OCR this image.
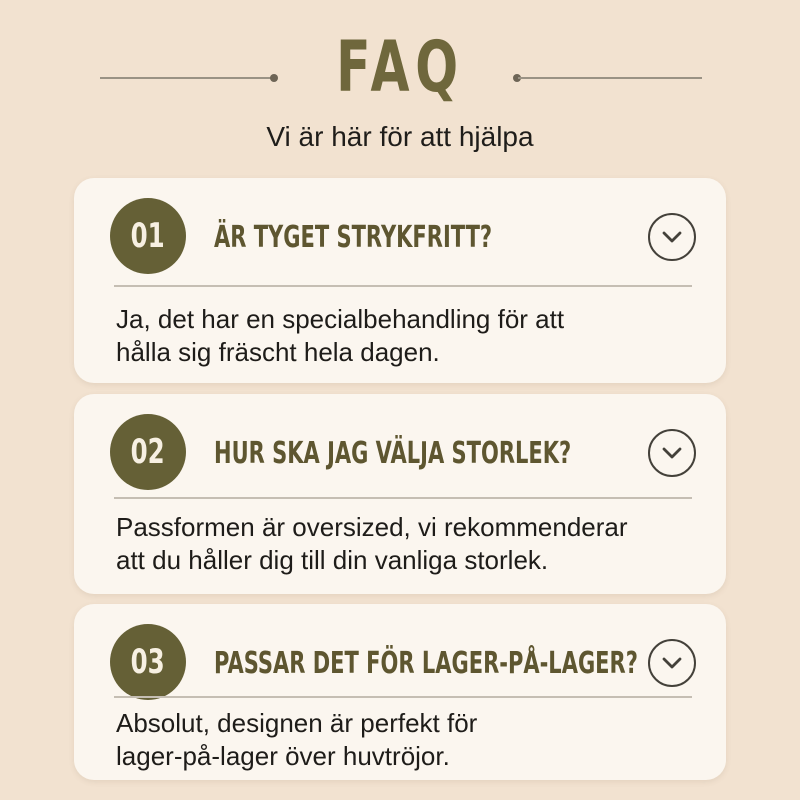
FAQ
Vi är här för att hjälpa
01 ÄR TYGET STRYKFRITT?
Ja, det har en specialbehandling för att
hålla sig fräscht hela dagen.
02 HUR SKA JAG VÄLJA STORLEK?
Passformen är oversized, vi rekommenderar
att du håller dig till din vanliga storlek.
03 PASSAR DET FÖR LAGER-PÅ-LAGER?
Absolut, designen är perfekt för
lager-på-lager över huvtröjor.
